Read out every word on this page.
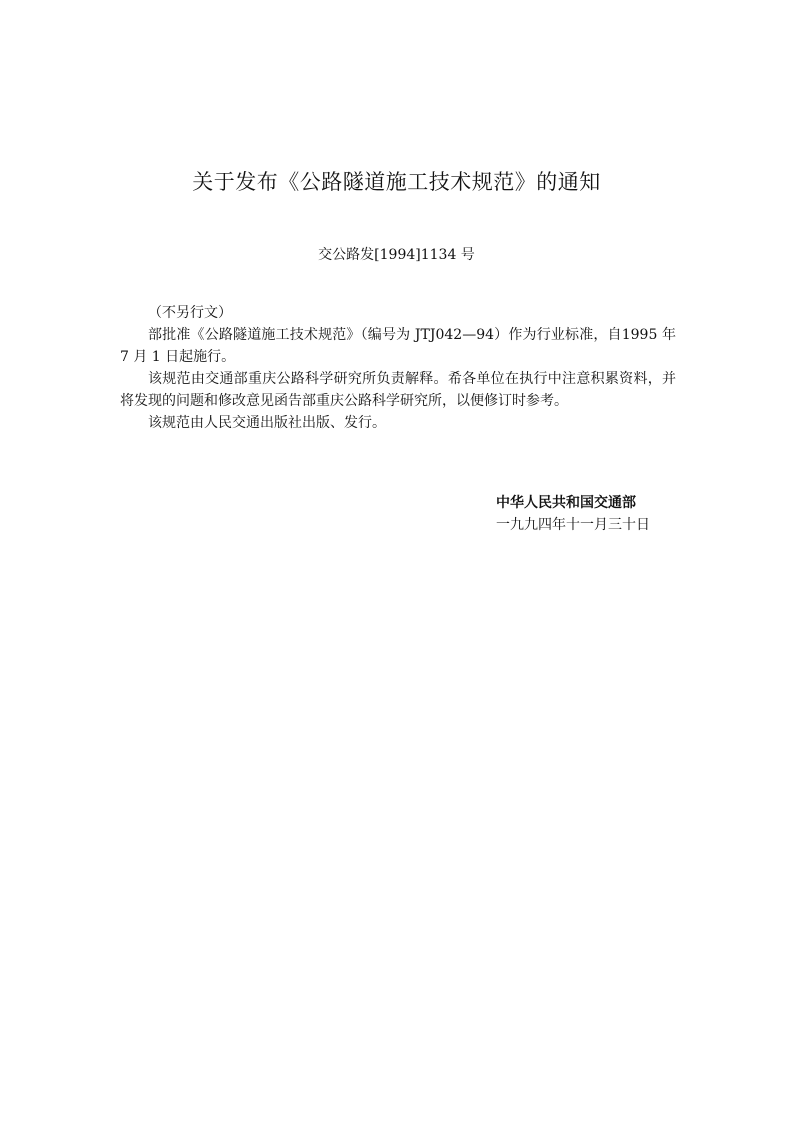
关于发布《公路隧道施工技术规范》的通知
交公路发[1994]1134 号

（不另行文）

部批准《公路隧道施工技术规范》（编号为 JTJ042—94）作为行业标准，自1995 年 7 月 1 日起施行。

该规范由交通部重庆公路科学研究所负责解释。希各单位在执行中注意积累资料，并将发现的问题和修改意见函告部重庆公路科学研究所，以便修订时参考。

该规范由人民交通出版社出版、发行。

中华人民共和国交通部
一九九四年十一月三十日
